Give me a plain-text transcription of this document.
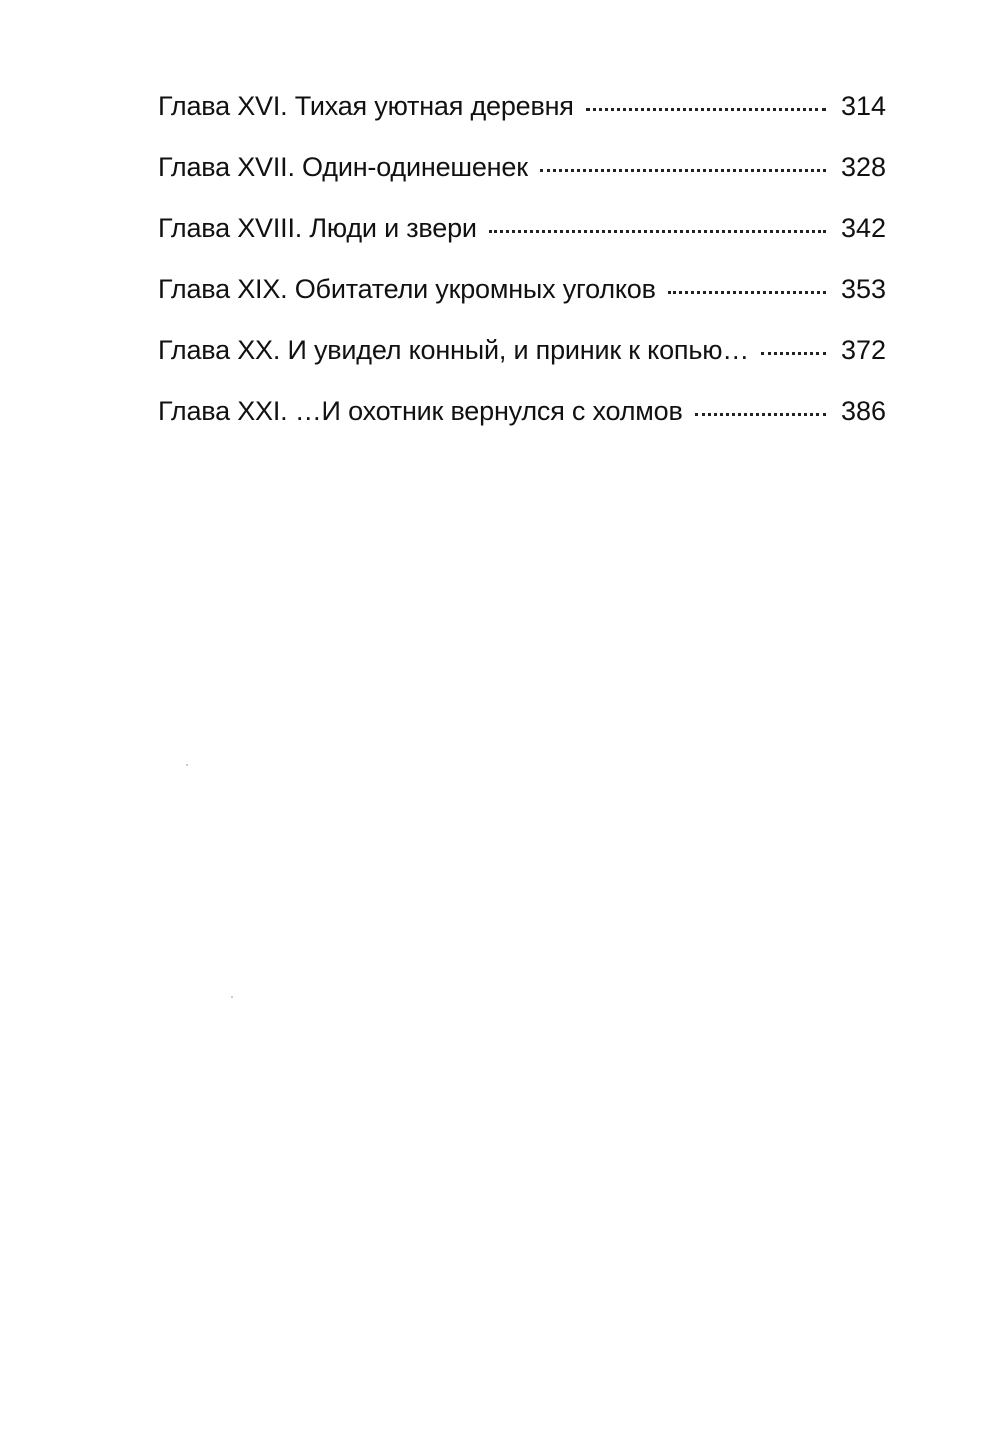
Глава XVI. Тихая уютная деревня	314
Глава XVII. Один-одинешенек	328
Глава XVIII. Люди и звери	342
Глава XIX. Обитатели укромных уголков	353
Глава XX. И увидел конный, и приник к копью…	372
Глава XXI. …И охотник вернулся с холмов	386
